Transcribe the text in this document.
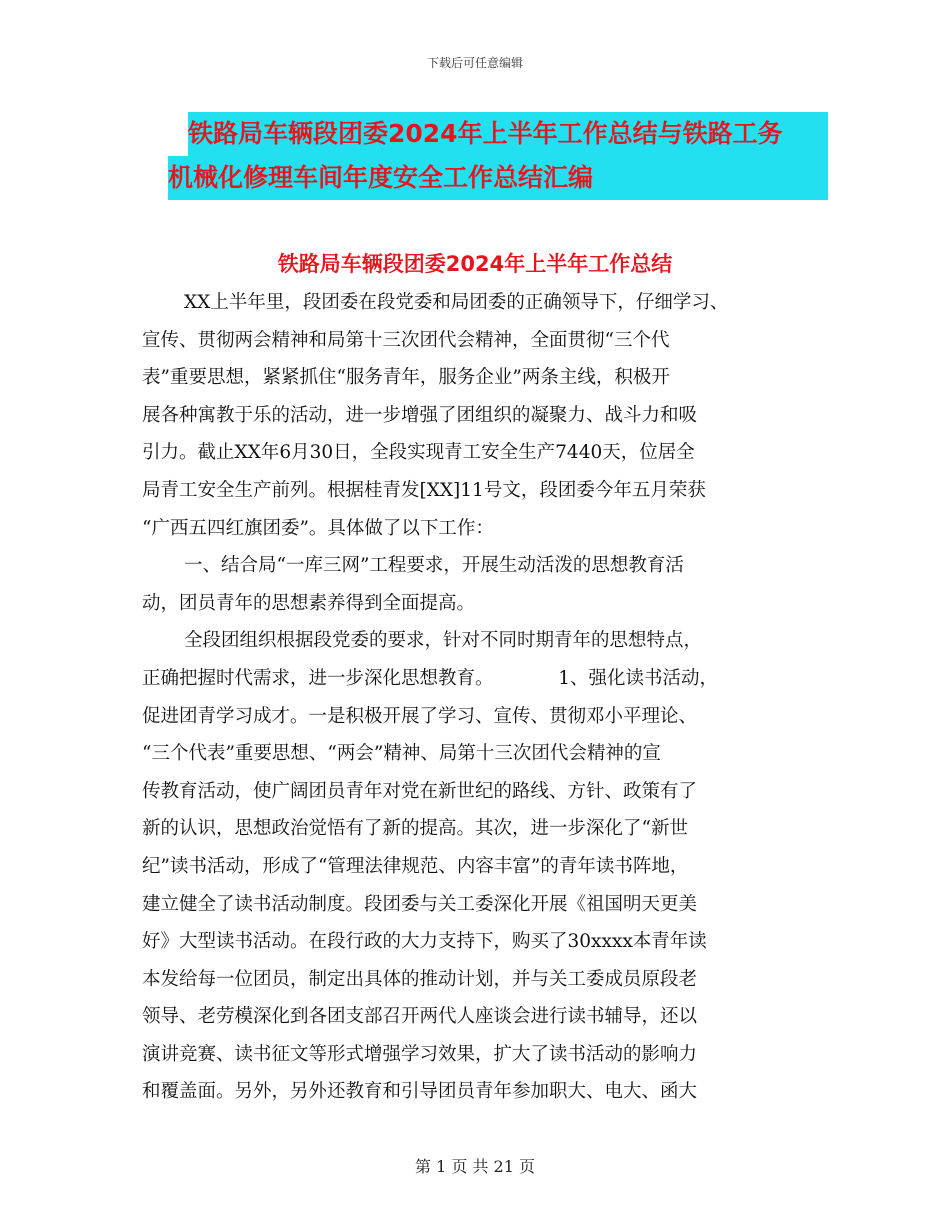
下载后可任意编辑
铁路局车辆段团委2024年上半年工作总结与铁路工务
机械化修理车间年度安全工作总结汇编
铁路局车辆段团委2024年上半年工作总结
XX上半年里，段团委在段党委和局团委的正确领导下，仔细学习、
宣传、贯彻两会精神和局第十三次团代会精神，全面贯彻“三个代
表”重要思想，紧紧抓住“服务青年，服务企业”两条主线，积极开
展各种寓教于乐的活动，进一步增强了团组织的凝聚力、战斗力和吸
引力。截止XX年6月30日，全段实现青工安全生产7440天，位居全
局青工安全生产前列。根据桂青发[XX]11号文，段团委今年五月荣获
“广西五四红旗团委”。具体做了以下工作：
一、结合局“一库三网”工程要求，开展生动活泼的思想教育活
动，团员青年的思想素养得到全面提高。
全段团组织根据段党委的要求，针对不同时期青年的思想特点，
正确把握时代需求，进一步深化思想教育。　　　　1、强化读书活动，
促进团青学习成才。一是积极开展了学习、宣传、贯彻邓小平理论、
“三个代表”重要思想、“两会”精神、局第十三次团代会精神的宣
传教育活动，使广阔团员青年对党在新世纪的路线、方针、政策有了
新的认识，思想政治觉悟有了新的提高。其次，进一步深化了“新世
纪”读书活动，形成了“管理法律规范、内容丰富”的青年读书阵地，
建立健全了读书活动制度。段团委与关工委深化开展《祖国明天更美
好》大型读书活动。在段行政的大力支持下，购买了30xxxx本青年读
本发给每一位团员，制定出具体的推动计划，并与关工委成员原段老
领导、老劳模深化到各团支部召开两代人座谈会进行读书辅导，还以
演讲竞赛、读书征文等形式增强学习效果，扩大了读书活动的影响力
和覆盖面。另外，另外还教育和引导团员青年参加职大、电大、函大
第 1 页 共 21 页
